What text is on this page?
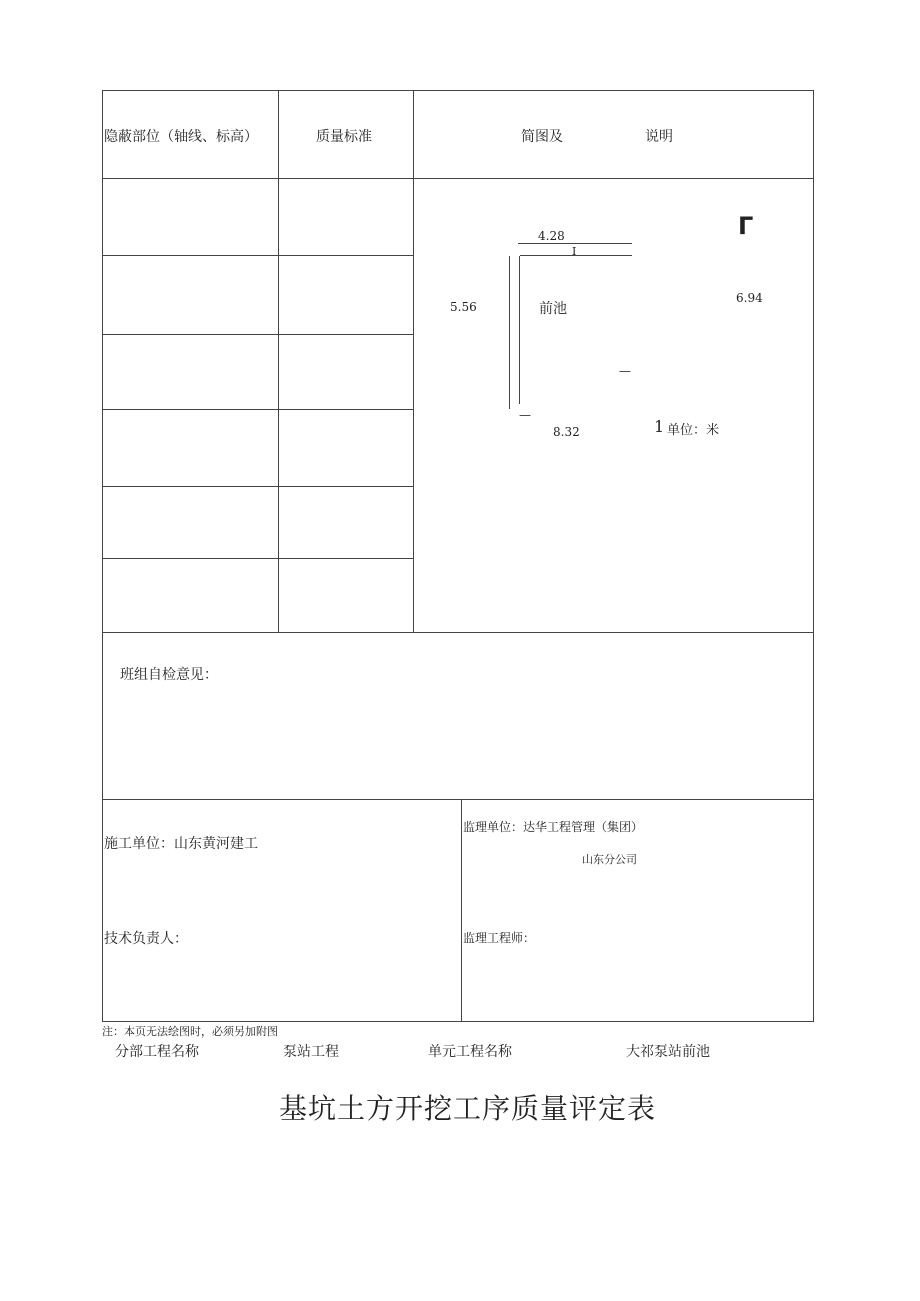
隐蔽部位（轴线、标高）	质量标准	简图及	说明
4.28
I
5.56	前池
6.94
Γ
—
—
8.32	1 单位：米
班组自检意见：
施工单位：山东黄河建工
技术负责人：
监理单位：达华工程管理（集团）
山东分公司
监理工程师：
注：本页无法绘图时，必须另加附图
分部工程名称	泵站工程	单元工程名称	大祁泵站前池
基坑土方开挖工序质量评定表
